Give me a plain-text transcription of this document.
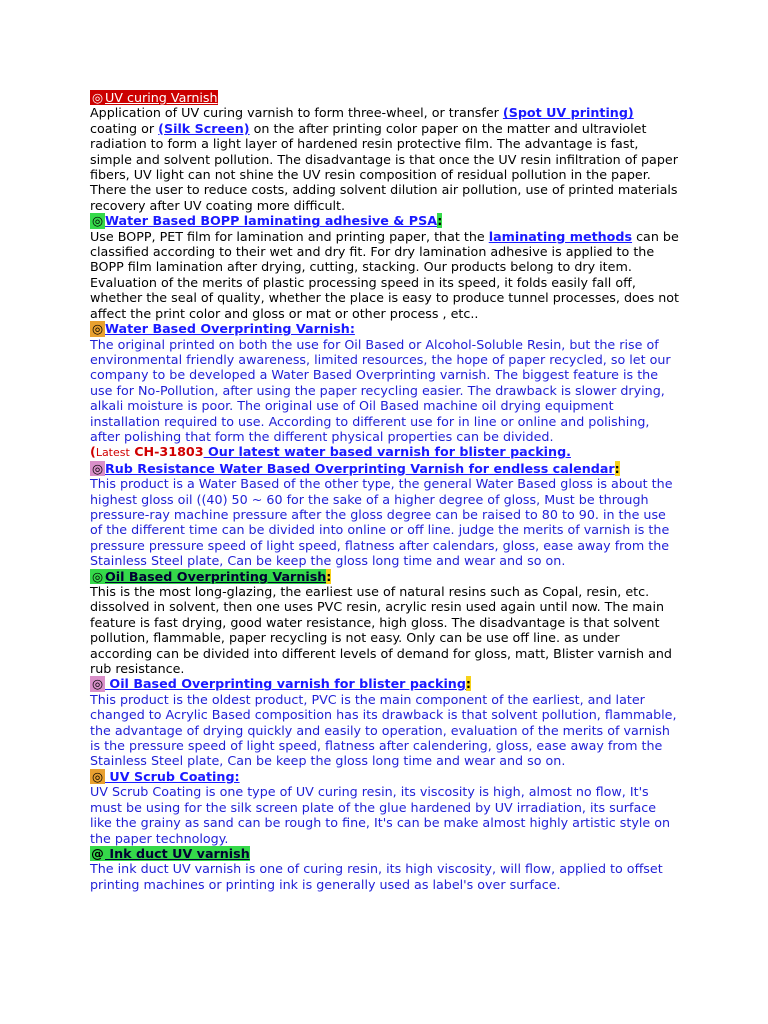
◎ UV curing Varnish

Application of UV curing varnish to form three-wheel, or transfer (Spot UV printing)

coating or (Silk Screen) on the after printing color paper on the matter and ultraviolet

radiation to form a light layer of hardened resin protective film. The advantage is fast,

simple and solvent pollution. The disadvantage is that once the UV resin infiltration of paper

fibers, UV light can not shine the UV resin composition of residual pollution in the paper.

There the user to reduce costs, adding solvent dilution air pollution, use of printed materials

recovery after UV coating more difficult.

◎ Water Based BOPP laminating adhesive & PSA:

Use BOPP, PET film for lamination and printing paper, that the laminating methods can be

classified according to their wet and dry fit. For dry lamination adhesive is applied to the

BOPP film lamination after drying, cutting, stacking. Our products belong to dry item.

Evaluation of the merits of plastic processing speed in its speed, it folds easily fall off,

whether the seal of quality, whether the place is easy to produce tunnel processes, does not

affect the print color and gloss or mat or other process , etc..

◎ Water Based Overprinting Varnish:

The original printed on both the use for Oil Based or Alcohol-Soluble Resin, but the rise of

environmental friendly awareness, limited resources, the hope of paper recycled, so let our

company to be developed a Water Based Overprinting varnish. The biggest feature is the

use for No-Pollution, after using the paper recycling easier. The drawback is slower drying,

alkali moisture is poor. The original use of Oil Based machine oil drying equipment

installation required to use. According to different use for in line or online and polishing,

after polishing that form the different physical properties can be divided.

(Latest CH-31803 Our latest water based varnish for blister packing.

◎ Rub Resistance Water Based Overprinting Varnish for endless calendar:

This product is a Water Based of the other type, the general Water Based gloss is about the

highest gloss oil ((40) 50 ~ 60 for the sake of a higher degree of gloss, Must be through

pressure-ray machine pressure after the gloss degree can be raised to 80 to 90. in the use

of the different time can be divided into online or off line. judge the merits of varnish is the

pressure pressure speed of light speed, flatness after calendars, gloss, ease away from the

Stainless Steel plate, Can be keep the gloss long time and wear and so on.

◎ Oil Based Overprinting Varnish:

This is the most long-glazing, the earliest use of natural resins such as Copal, resin, etc.

dissolved in solvent, then one uses PVC resin, acrylic resin used again until now. The main

feature is fast drying, good water resistance, high gloss. The disadvantage is that solvent

pollution, flammable, paper recycling is not easy. Only can be use off line. as under

according can be divided into different levels of demand for gloss, matt, Blister varnish and

rub resistance.

◎ Oil Based Overprinting varnish for blister packing:

This product is the oldest product, PVC is the main component of the earliest, and later

changed to Acrylic Based composition has its drawback is that solvent pollution, flammable,

the advantage of drying quickly and easily to operation, evaluation of the merits of varnish

is the pressure speed of light speed, flatness after calendering, gloss, ease away from the

Stainless Steel plate, Can be keep the gloss long time and wear and so on.

◎ UV Scrub Coating:

UV Scrub Coating is one type of UV curing resin, its viscosity is high, almost no flow, It's

must be using for the silk screen plate of the glue hardened by UV irradiation, its surface

like the grainy as sand can be rough to fine, It's can be make almost highly artistic style on

the paper technology.

@ Ink duct UV varnish

The ink duct UV varnish is one of curing resin, its high viscosity, will flow, applied to offset

printing machines or printing ink is generally used as label's over surface.
